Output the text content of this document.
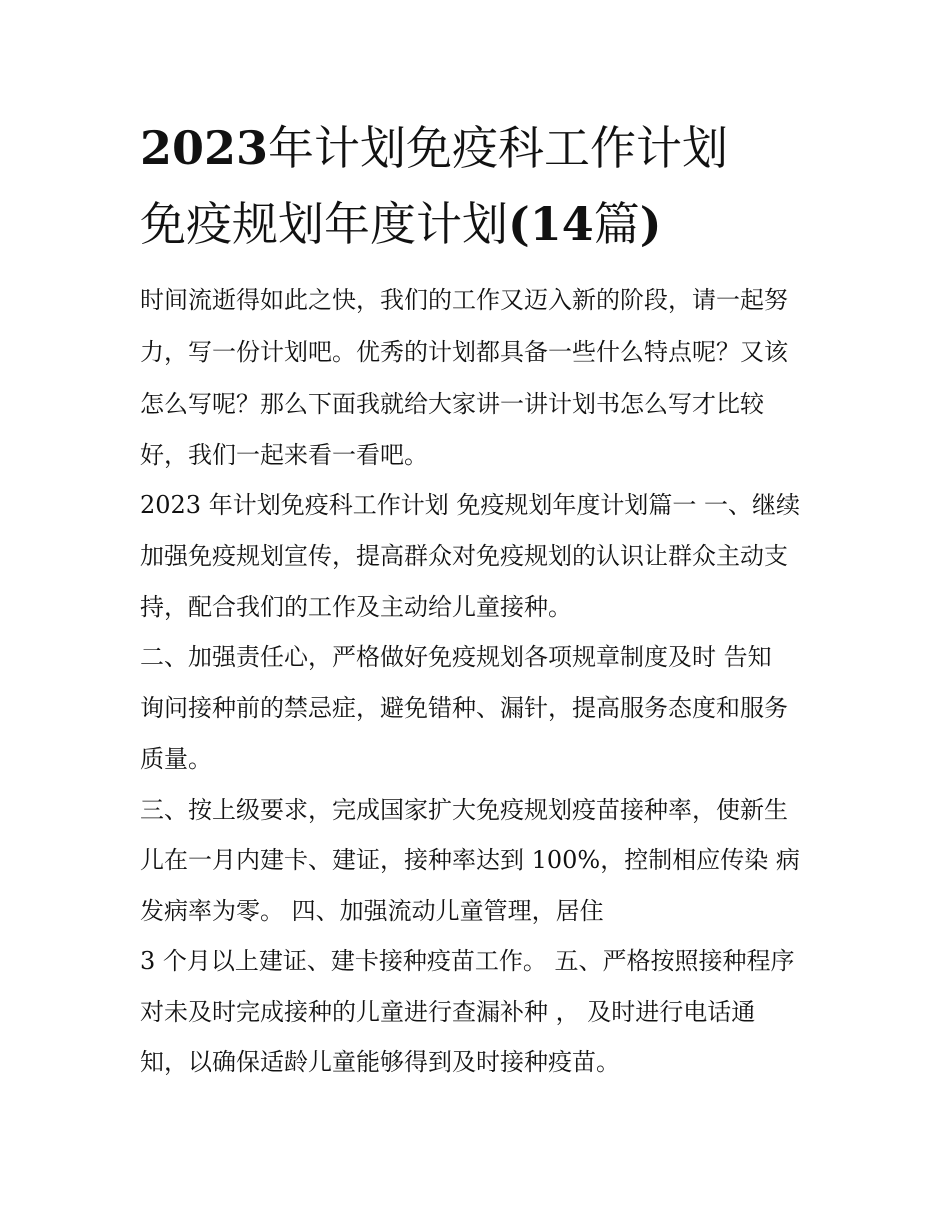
2023年计划免疫科工作计划
免疫规划年度计划(14篇)
时间流逝得如此之快，我们的工作又迈入新的阶段，请一起努
力，写一份计划吧。优秀的计划都具备一些什么特点呢？又该
怎么写呢？那么下面我就给大家讲一讲计划书怎么写才比较
好，我们一起来看一看吧。
2023 年计划免疫科工作计划 免疫规划年度计划篇一 一、继续
加强免疫规划宣传，提高群众对免疫规划的认识让群众主动支
持，配合我们的工作及主动给儿童接种。
二、加强责任心，严格做好免疫规划各项规章制度及时 告知
询问接种前的禁忌症，避免错种、漏针，提高服务态度和服务
质量。
三、按上级要求，完成国家扩大免疫规划疫苗接种率，使新生
儿在一月内建卡、建证，接种率达到 100%，控制相应传染 病
发病率为零。 四、加强流动儿童管理，居住
3 个月以上建证、建卡接种疫苗工作。 五、严格按照接种程序
对未及时完成接种的儿童进行查漏补种 ， 及时进行电话通
知，以确保适龄儿童能够得到及时接种疫苗。
